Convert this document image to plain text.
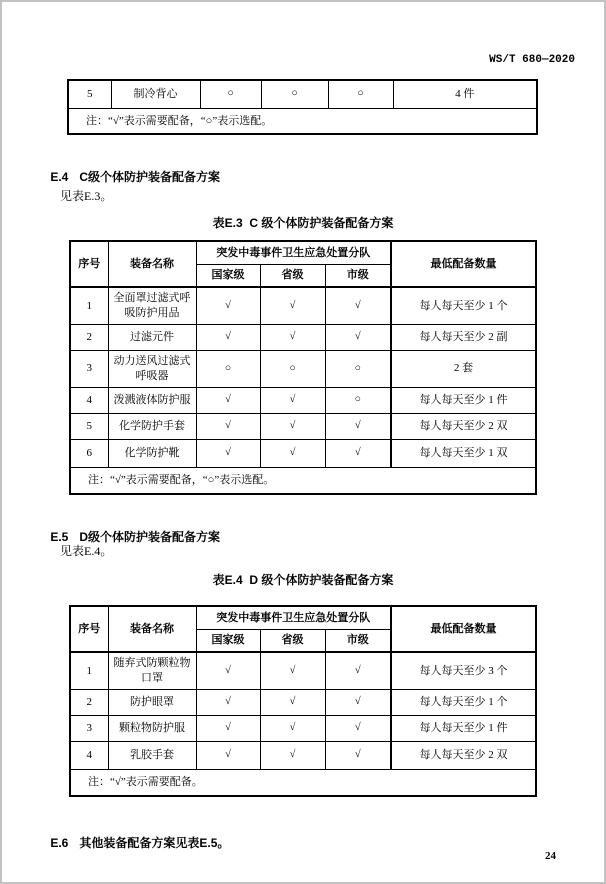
WS/T 680—2020
5	制冷背心	○	○	○	4 件
注：“√”表示需要配备，“○”表示选配。

E.4 C级个体防护装备配备方案

见表E.3。
表E.3  C 级个体防护装备配备方案
序号	装备名称	突发中毒事件卫生应急处置分队			最低配备数量
		国家级	省级	市级	
1	全面罩过滤式呼吸防护用品	√	√	√	每人每天至少 1 个
2	过滤元件	√	√	√	每人每天至少 2 副
3	动力送风过滤式呼吸器	○	○	○	2 套
4	泼溅液体防护服	√	√	○	每人每天至少 1 件
5	化学防护手套	√	√	√	每人每天至少 2 双
6	化学防护靴	√	√	√	每人每天至少 1 双
注：“√”表示需要配备，“○”表示选配。					

E.5 D级个体防护装备配备方案

见表E.4。
表E.4  D 级个体防护装备配备方案
序号	装备名称	突发中毒事件卫生应急处置分队			最低配备数量
		国家级	省级	市级	
1	随弃式防颗粒物口罩	√	√	√	每人每天至少 3 个
2	防护眼罩	√	√	√	每人每天至少 1 个
3	颗粒物防护服	√	√	√	每人每天至少 1 件
4	乳胶手套	√	√	√	每人每天至少 2 双
注：“√”表示需要配备。					

E.6 其他装备配备方案见表E.5。

24
